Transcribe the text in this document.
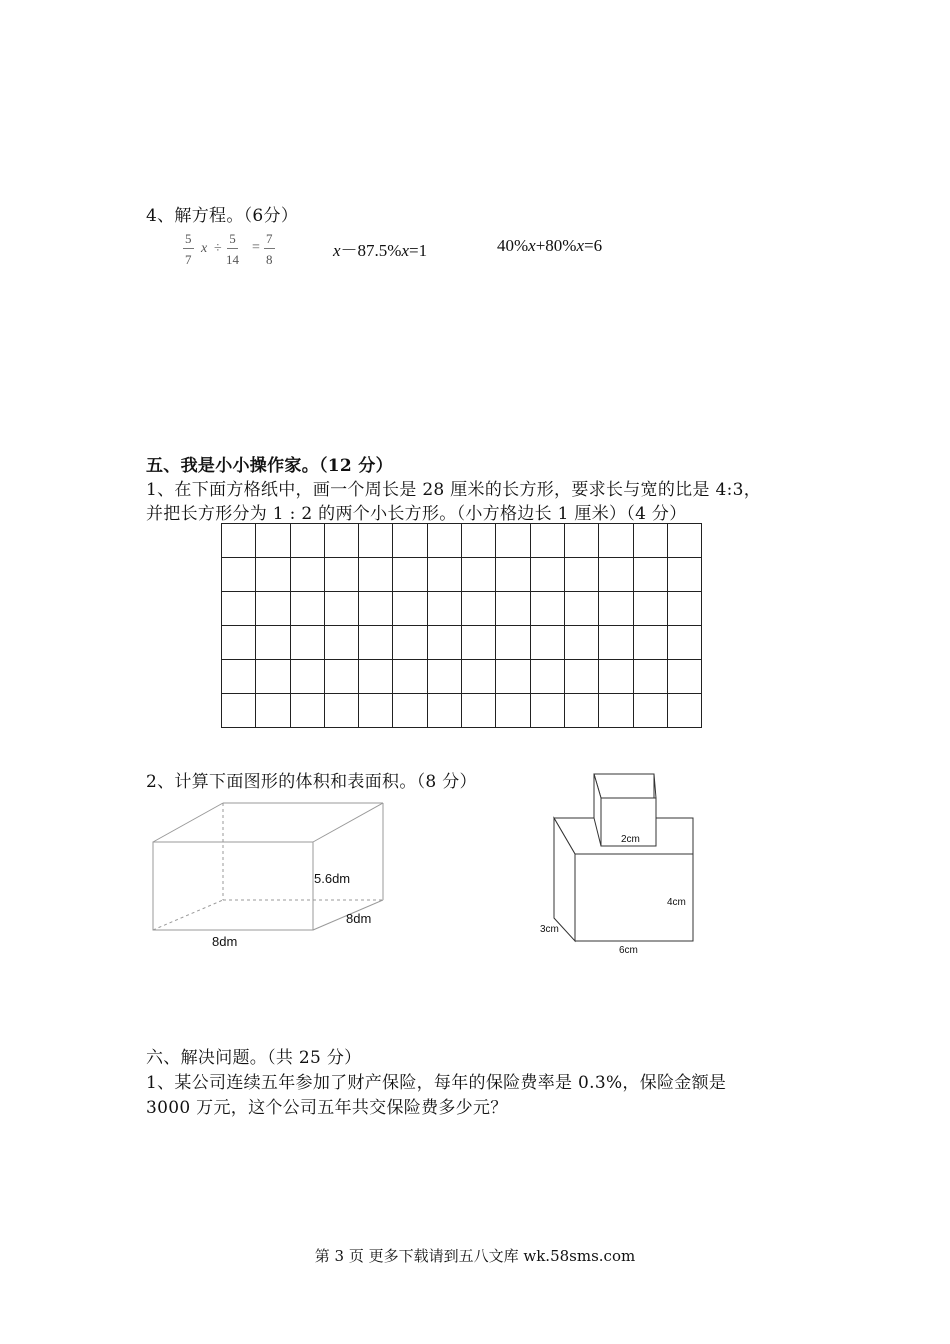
4、解方程。（6分）
$\frac{5}{7}$ $x \div \frac{5}{14} = \frac{7}{8}$	x－87.5%x=1	40%x+80%x=6
五、我是小小操作家。（12 分）
1、在下面方格纸中，画一个周长是 28 厘米的长方形，要求长与宽的比是 4:3，
并把长方形分为 1 : 2 的两个小长方形。（小方格边长 1 厘米）（4 分）

2、计算下面图形的体积和表面积。（8 分）
5.6dm
8dm
8dm
2cm
4cm
3cm
6cm
六、解决问题。（共 25 分）
1、某公司连续五年参加了财产保险，每年的保险费率是 0.3%，保险金额是
3000 万元，这个公司五年共交保险费多少元？
第 3 页 更多下载请到五八文库 wk.58sms.com
